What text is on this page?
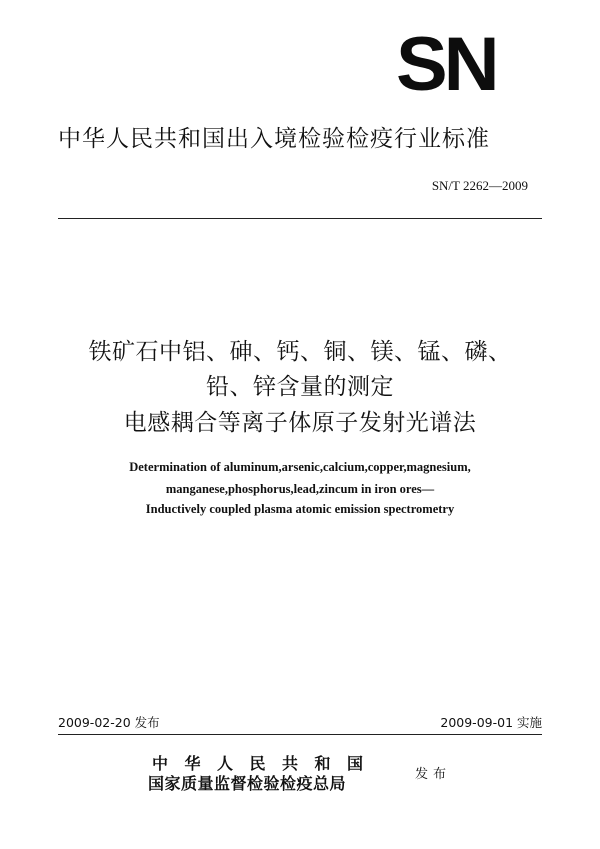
SN
中华人民共和国出入境检验检疫行业标准
SN/T 2262—2009
铁矿石中铝、砷、钙、铜、镁、锰、磷、
铅、锌含量的测定
电感耦合等离子体原子发射光谱法
Determination of aluminum,arsenic,calcium,copper,magnesium,
manganese,phosphorus,lead,zincum in iron ores—
Inductively coupled plasma atomic emission spectrometry
2009-02-20 发布	2009-09-01 实施
中华人民共和国
国家质量监督检验检疫总局	发布
